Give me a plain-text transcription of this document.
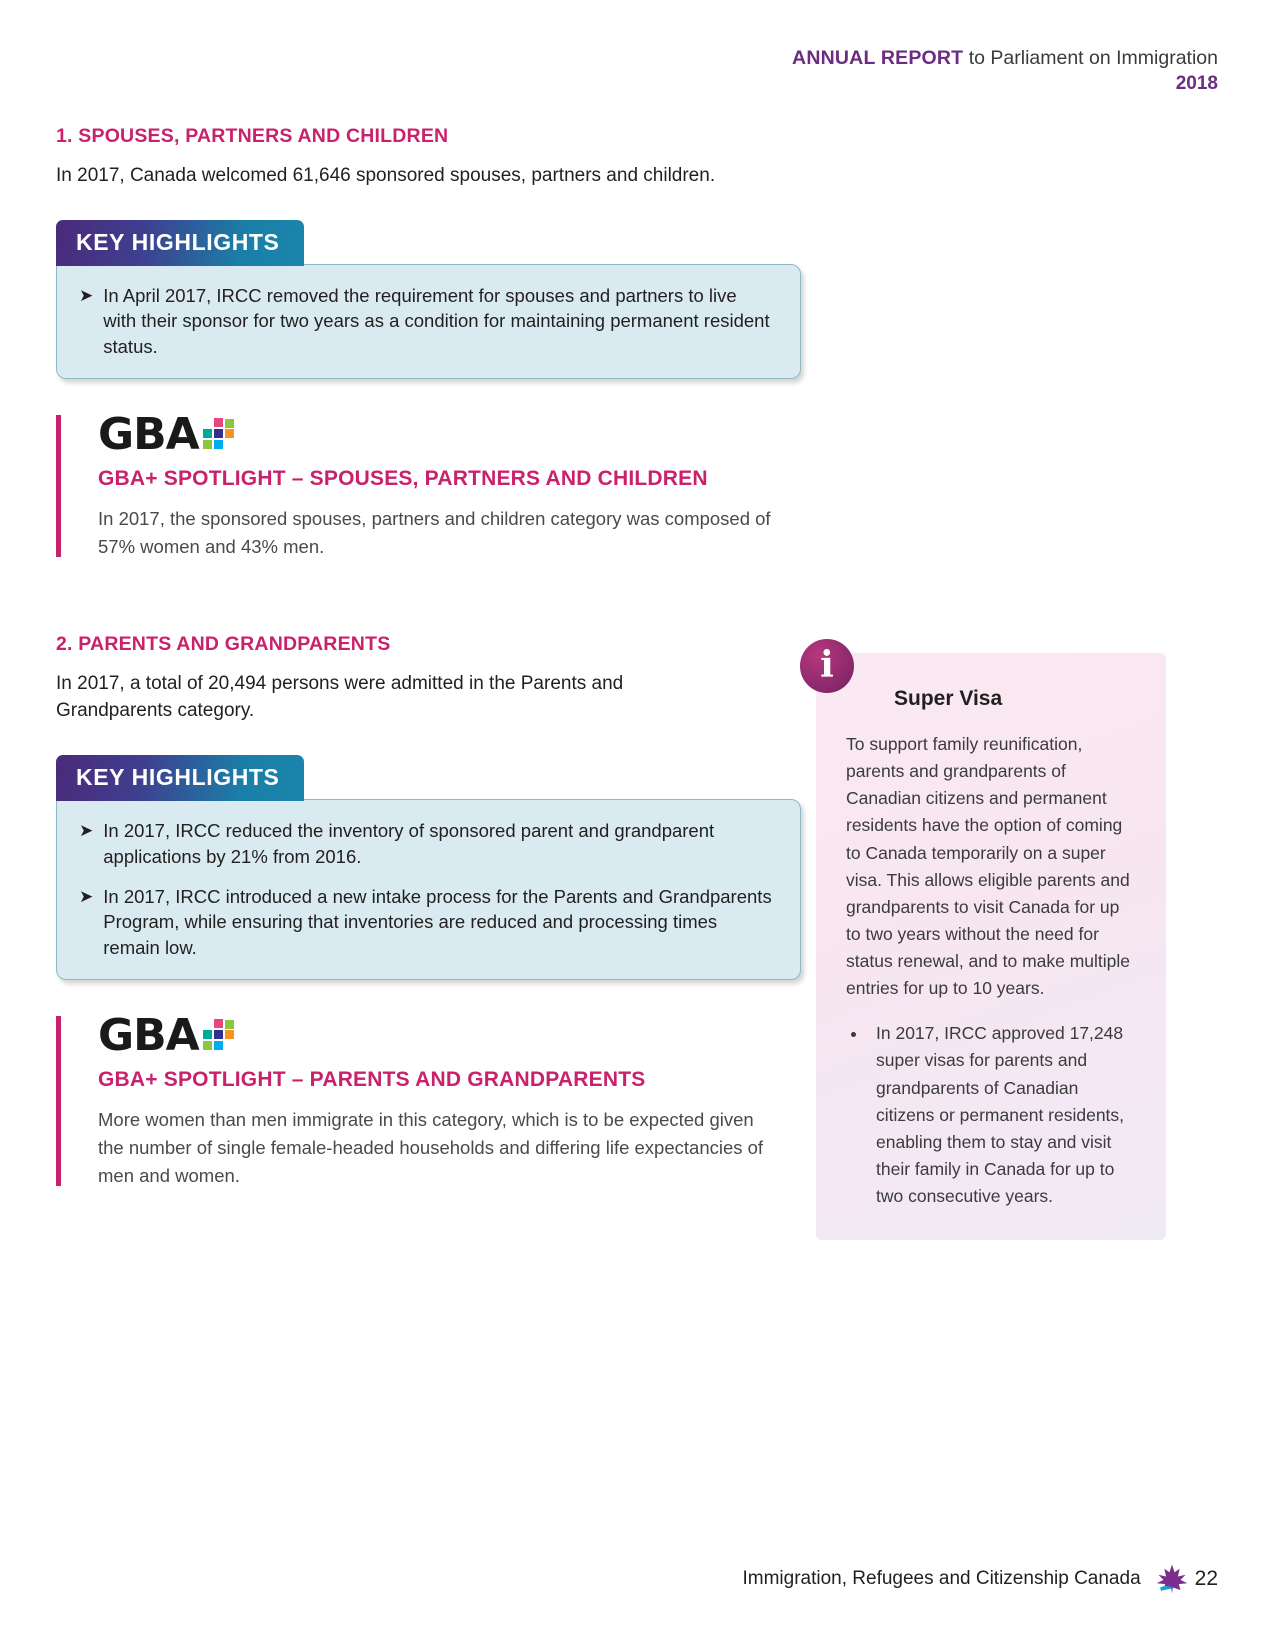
ANNUAL REPORT to Parliament on Immigration
2018
1. SPOUSES, PARTNERS AND CHILDREN

In 2017, Canada welcomed 61,646 sponsored spouses, partners and children.

KEY HIGHLIGHTS
➤ In April 2017, IRCC removed the requirement for spouses and partners to live with their sponsor for two years as a condition for maintaining permanent resident status.
GBA
GBA+ SPOTLIGHT – SPOUSES, PARTNERS AND CHILDREN

In 2017, the sponsored spouses, partners and children category was composed of 57% women and 43% men.

2. PARENTS AND GRANDPARENTS

In 2017, a total of 20,494 persons were admitted in the Parents and Grandparents category.

KEY HIGHLIGHTS
➤ In 2017, IRCC reduced the inventory of sponsored parent and grandparent applications by 21% from 2016.
➤ In 2017, IRCC introduced a new intake process for the Parents and Grandparents Program, while ensuring that inventories are reduced and processing times remain low.
GBA
GBA+ SPOTLIGHT – PARENTS AND GRANDPARENTS

More women than men immigrate in this category, which is to be expected given the number of single female-headed households and differing life expectancies of men and women.

i
Super Visa

To support family reunification, parents and grandparents of Canadian citizens and permanent residents have the option of coming to Canada temporarily on a super visa. This allows eligible parents and grandparents to visit Canada for up to two years without the need for status renewal, and to make multiple entries for up to 10 years.

• In 2017, IRCC approved 17,248 super visas for parents and grandparents of Canadian citizens or permanent residents, enabling them to stay and visit their family in Canada for up to two consecutive years.
Immigration, Refugees and Citizenship Canada	22
